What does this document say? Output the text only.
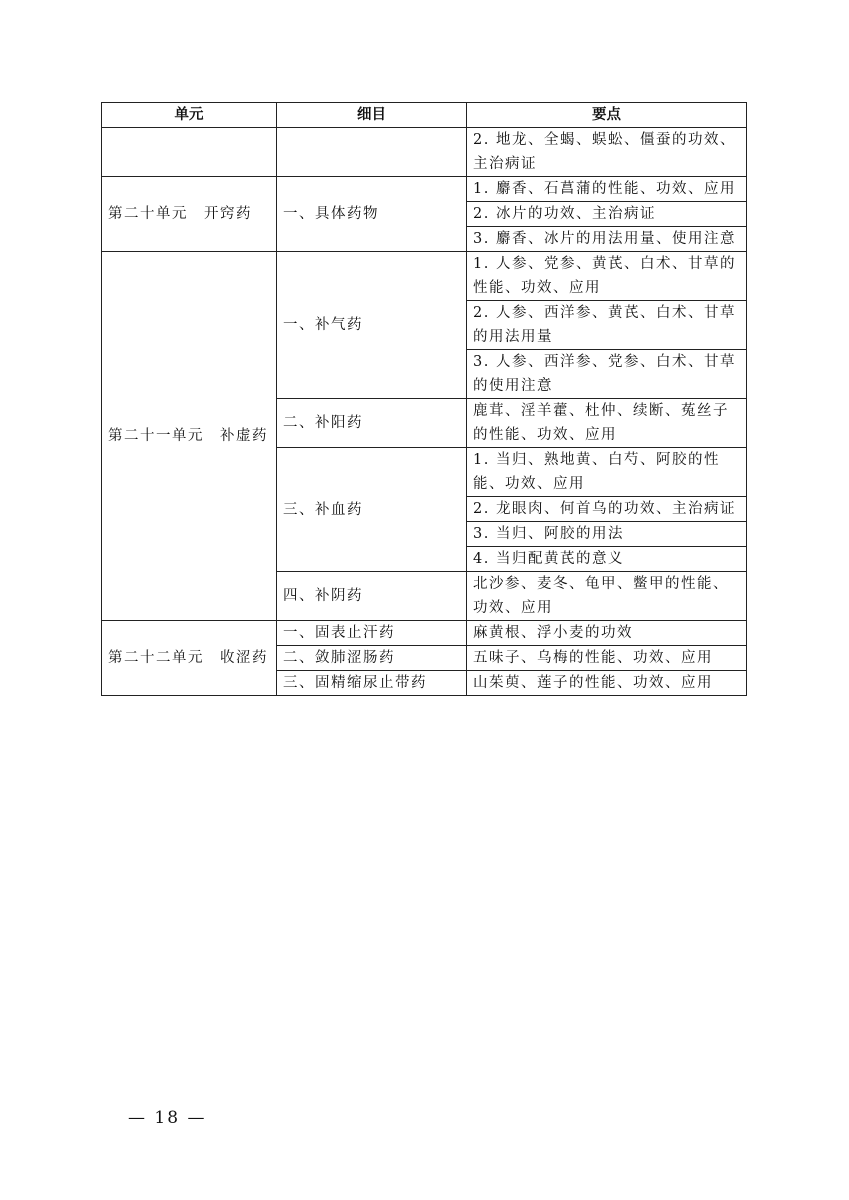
单元	细目	要点
		2. 地龙、全蝎、蜈蚣、僵蚕的功效、主治病证
第二十单元　开窍药	一、具体药物	1. 麝香、石菖蒲的性能、功效、应用
		2. 冰片的功效、主治病证
		3. 麝香、冰片的用法用量、使用注意
第二十一单元　补虚药	一、补气药	1. 人参、党参、黄芪、白术、甘草的性能、功效、应用
		2. 人参、西洋参、黄芪、白术、甘草的用法用量
		3. 人参、西洋参、党参、白术、甘草的使用注意
	二、补阳药	鹿茸、淫羊藿、杜仲、续断、菟丝子的性能、功效、应用
	三、补血药	1. 当归、熟地黄、白芍、阿胶的性能、功效、应用
		2. 龙眼肉、何首乌的功效、主治病证
		3. 当归、阿胶的用法
		4. 当归配黄芪的意义
	四、补阴药	北沙参、麦冬、龟甲、鳖甲的性能、功效、应用
第二十二单元　收涩药	一、固表止汗药	麻黄根、浮小麦的功效
	二、敛肺涩肠药	五味子、乌梅的性能、功效、应用
	三、固精缩尿止带药	山茱萸、莲子的性能、功效、应用
— 18 —
